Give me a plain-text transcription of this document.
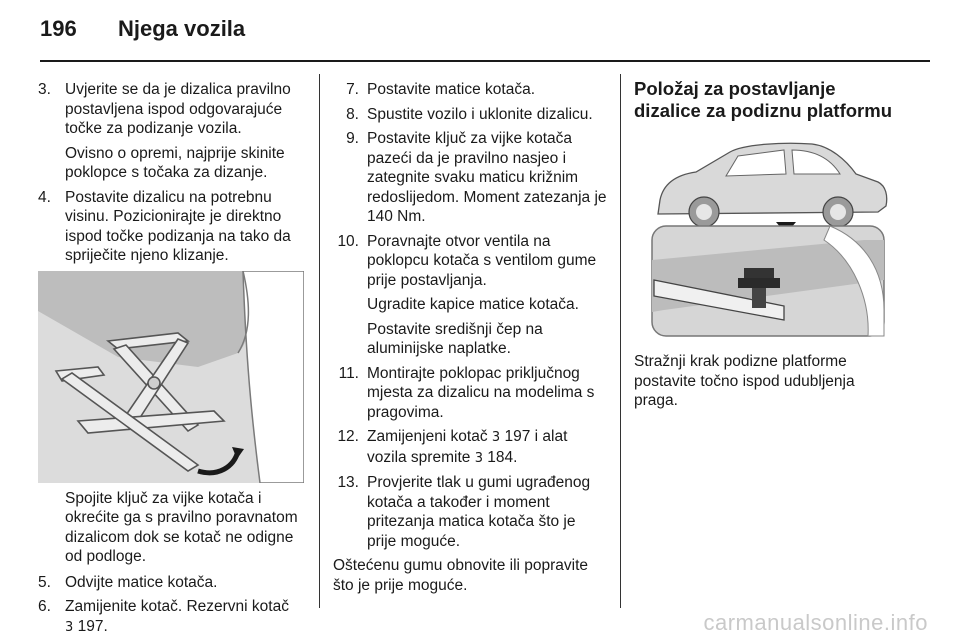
196 Njega vozila
3. Uvjerite se da je dizalica pravilno postavljena ispod odgovarajuće točke za podizanje vozila.
Ovisno o opremi, najprije skinite poklopce s točaka za dizanje.
4. Postavite dizalicu na potrebnu visinu. Pozicionirajte je direktno ispod točke podizanja na tako da spriječite njeno klizanje.
Spojite ključ za vijke kotača i okrećite ga s pravilno poravnatom dizalicom dok se kotač ne odigne od podloge.
5. Odvijte matice kotača.
6. Zamijenite kotač. Rezervni kotač
3 197.
7. Postavite matice kotača.
8. Spustite vozilo i uklonite dizalicu.
9. Postavite ključ za vijke kotača pazeći da je pravilno nasjeo i zategnite svaku maticu križnim redoslijedom. Moment zatezanja je 140 Nm.
10. Poravnajte otvor ventila na poklopcu kotača s ventilom gume prije postavljanja.
Ugradite kapice matice kotača.
Postavite središnji čep na aluminijske naplatke.
11. Montirajte poklopac priključnog mjesta za dizalicu na modelima s pragovima.
12. Zamijenjeni kotač 3 197 i alat vozila spremite 3 184.
13. Provjerite tlak u gumi ugrađenog kotača a također i moment pritezanja matica kotača što je prije moguće.
Oštećenu gumu obnovite ili popravite što je prije moguće.
Položaj za postavljanje dizalice za podiznu platformu
Stražnji krak podizne platforme postavite točno ispod udubljenja praga.
carmanualsonline.info
